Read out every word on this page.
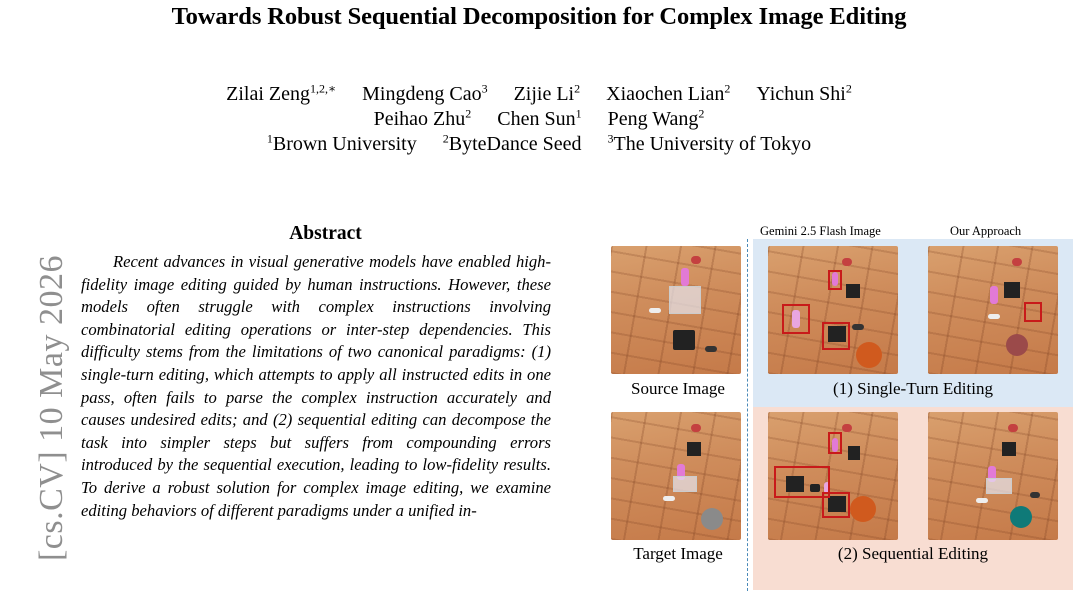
Towards Robust Sequential Decomposition for Complex Image Editing
Zilai Zeng$^{1,2,∗}$ Mingdeng Cao$^3$ Zijie Li$^2$ Xiaochen Lian$^2$ Yichun Shi$^2$
Peihao Zhu$^2$ Chen Sun$^1$ Peng Wang$^2$
$^1$Brown University $^2$ByteDance Seed $^3$The University of Tokyo
[cs.CV] 10 May 2026
Abstract

Recent advances in visual generative models have enabled high-fidelity image editing guided by human instructions. However, these models often struggle with complex instructions involving combinatorial editing operations or inter-step dependencies. This difficulty stems from the limitations of two canonical paradigms: (1) single-turn editing, which attempts to apply all instructed edits in one pass, often fails to parse the complex instruction accurately and causes undesired edits; and (2) sequential editing can decompose the task into simpler steps but suffers from compounding errors introduced by the sequential execution, leading to low-fidelity results. To derive a robust solution for complex image editing, we examine editing behaviors of different paradigms under a unified in-

Gemini 2.5 Flash Image	Our Approach
Source Image	(1) Single-Turn Editing
Target Image	(2) Sequential Editing
